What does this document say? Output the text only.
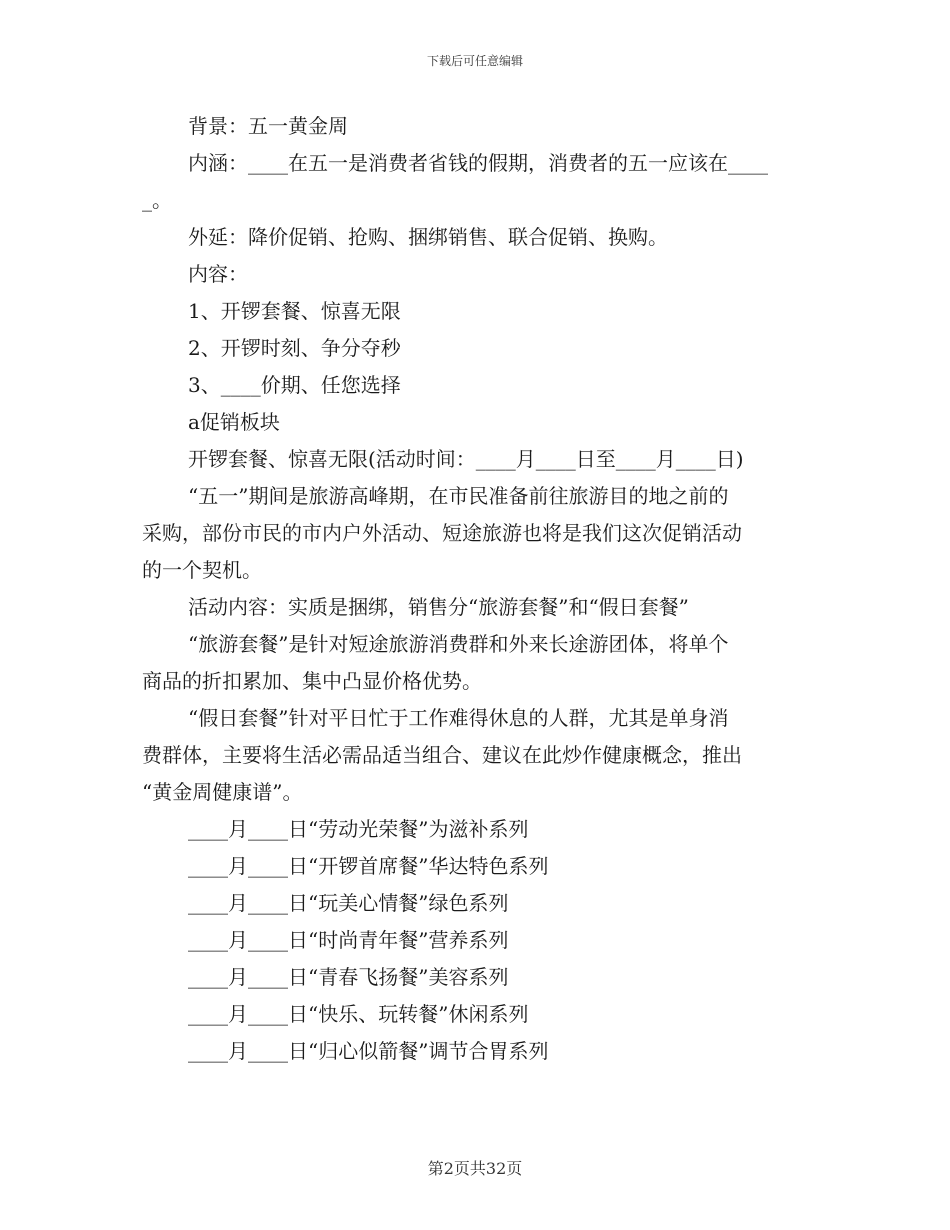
下载后可任意编辑
背景：五一黄金周
内涵：____在五一是消费者省钱的假期，消费者的五一应该在____
_。
外延：降价促销、抢购、捆绑销售、联合促销、换购。
内容：
1、开锣套餐、惊喜无限
2、开锣时刻、争分夺秒
3、____价期、任您选择
a促销板块
开锣套餐、惊喜无限(活动时间：____月____日至____月____日)
“五一”期间是旅游高峰期，在市民准备前往旅游目的地之前的
采购，部份市民的市内户外活动、短途旅游也将是我们这次促销活动
的一个契机。
活动内容：实质是捆绑，销售分“旅游套餐”和“假日套餐”
“旅游套餐”是针对短途旅游消费群和外来长途游团体，将单个
商品的折扣累加、集中凸显价格优势。
“假日套餐”针对平日忙于工作难得休息的人群，尤其是单身消
费群体，主要将生活必需品适当组合、建议在此炒作健康概念，推出
“黄金周健康谱”。
____月____日“劳动光荣餐”为滋补系列
____月____日“开锣首席餐”华达特色系列
____月____日“玩美心情餐”绿色系列
____月____日“时尚青年餐”营养系列
____月____日“青春飞扬餐”美容系列
____月____日“快乐、玩转餐”休闲系列
____月____日“归心似箭餐”调节合胃系列
第2页共32页
